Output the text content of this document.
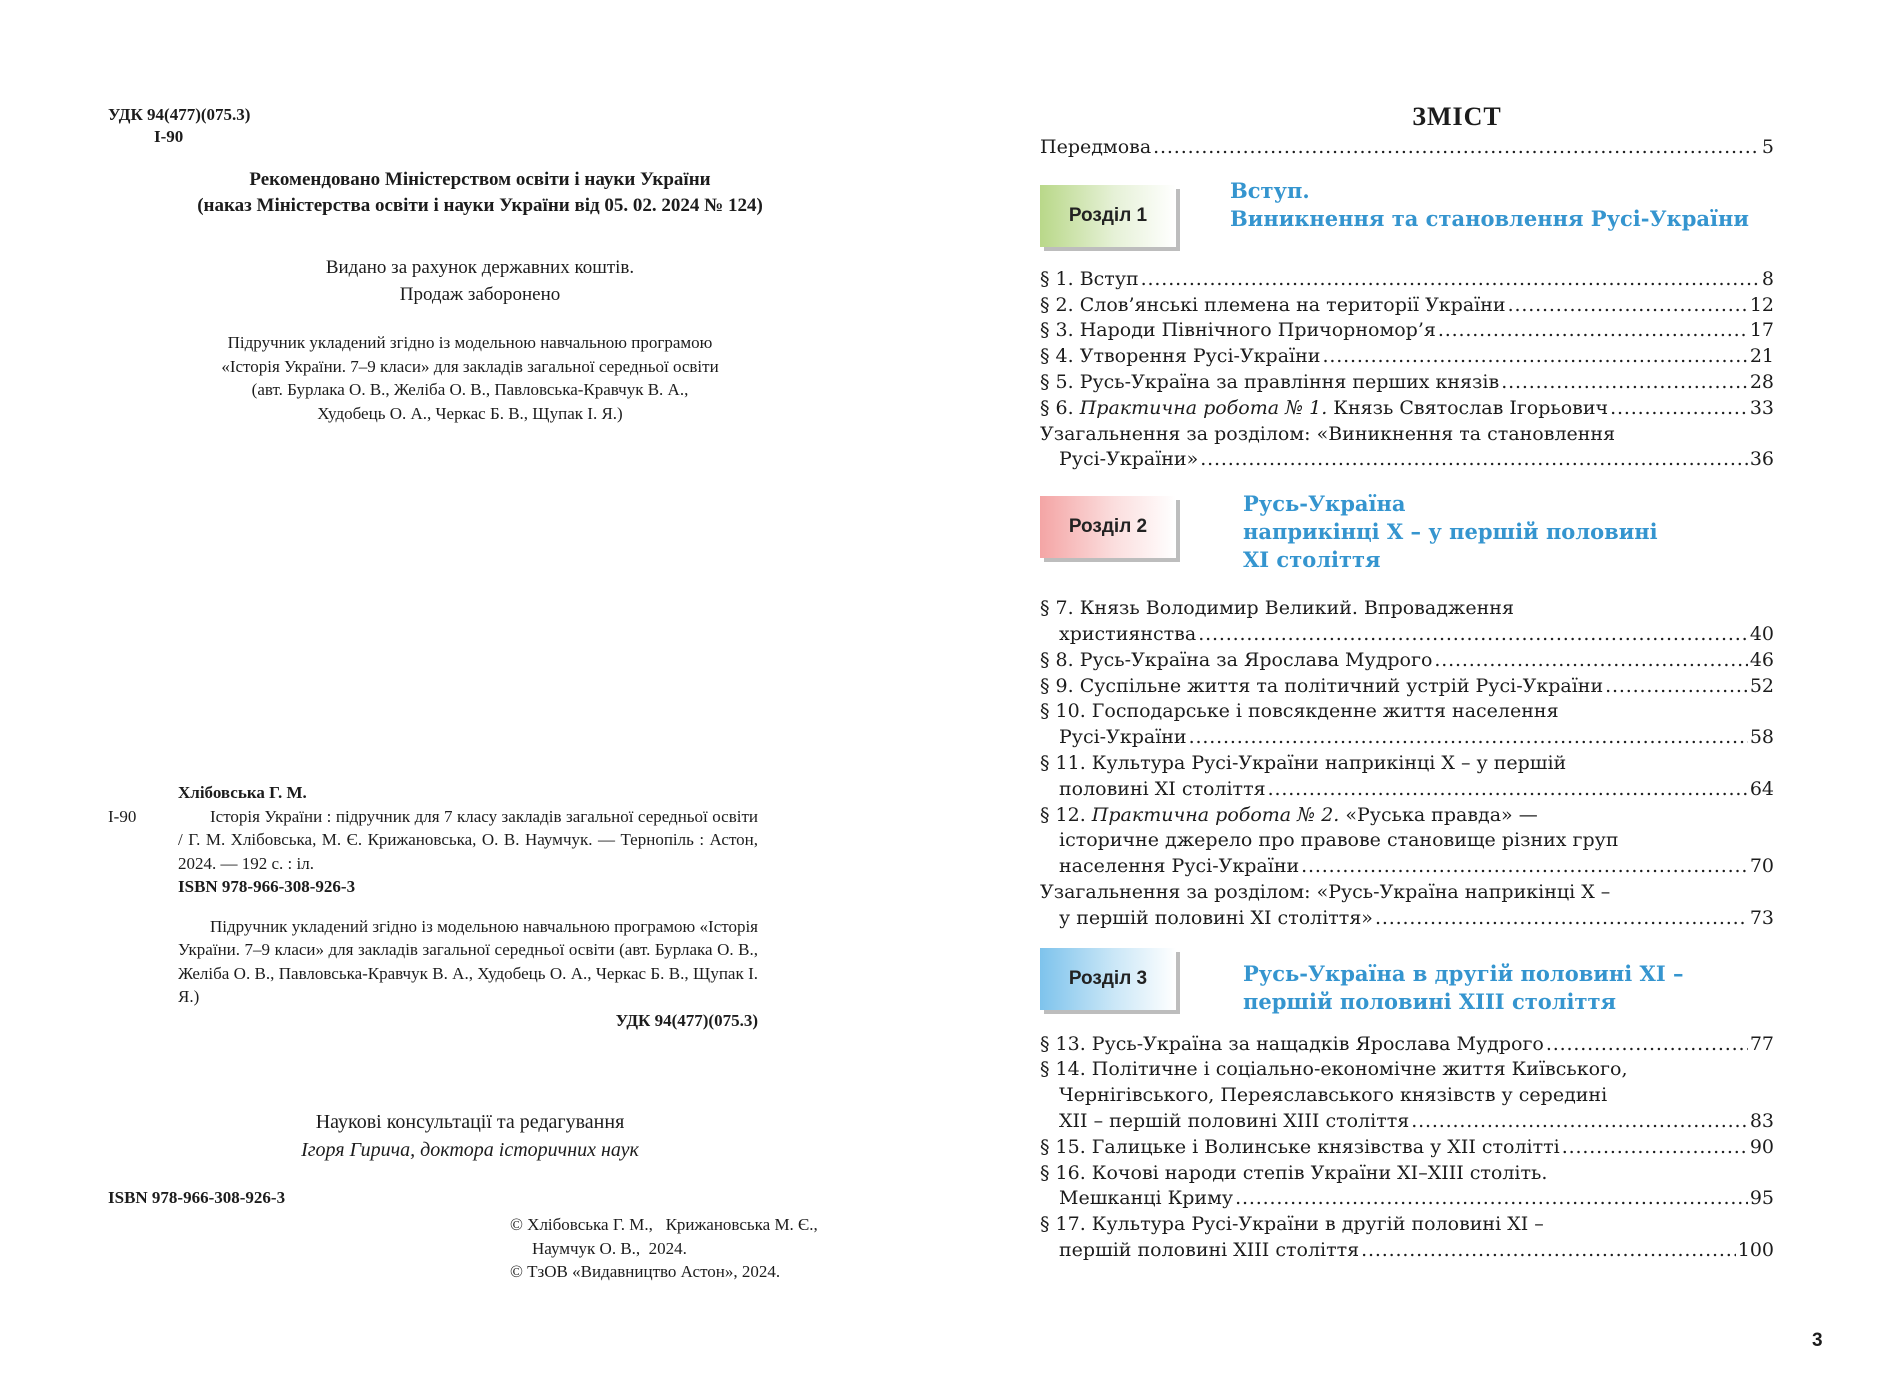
УДК 94(477)(075.3)
І-90
Рекомендовано Міністерством освіти і науки України
(наказ Міністерства освіти і науки України від 05. 02. 2024 № 124)
Видано за рахунок державних коштів.
Продаж заборонено
Підручник укладений згідно із модельною навчальною програмою
«Історія України. 7–9 класи» для закладів загальної середньої освіти
(авт. Бурлака О. В., Желіба О. В., Павловська-Кравчук В. А.,
Худобець О. А., Черкас Б. В., Щупак І. Я.)
Хлібовська Г. М.
І-90	Історія України : підручник для 7 класу закладів загальної середньої освіти / Г. М. Хлібовська, М. Є. Крижановська, О. В. Наумчук. — Тернопіль : Астон, 2024. — 192 с. : іл.
ISBN 978-966-308-926-3
Підручник укладений згідно із модельною навчальною програмою «Історія України. 7–9 класи» для закладів загальної середньої освіти (авт. Бурлака О. В., Желіба О. В., Павловська-Кравчук В. А., Худобець О. А., Черкас Б. В., Щупак І. Я.)
УДК 94(477)(075.3)
Наукові консультації та редагування
Ігоря Гирича, доктора історичних наук
ISBN 978-966-308-926-3
© Хлібовська Г. М.,   Крижановська М. Є.,
Наумчук О. В.,  2024.
© ТзОВ «Видавництво Астон», 2024.
ЗМІСТ
Передмова . . .	5
Розділ 1
Вступ.
Виникнення та становлення Русі-України
§ 1. Вступ . . .	8
§ 2. Слов’янські племена на території України . . .	12
§ 3. Народи Північного Причорномор’я . . .	17
§ 4. Утворення Русі-України . . .	21
§ 5. Русь-Україна за правління перших князів . . .	28
§ 6. Практична робота № 1. Князь Святослав Ігорьович . . .	33
Узагальнення за розділом: «Виникнення та становлення
Русі-України» . . .	36
Розділ 2
Русь-Україна
наприкінці Х – у першій половині
ХІ століття
§ 7. Князь Володимир Великий. Впровадження
християнства . . .	40
§ 8. Русь-Україна за Ярослава Мудрого . . .	46
§ 9. Суспільне життя та політичний устрій Русі-України . . .	52
§ 10. Господарське і повсякденне життя населення
Русі-України . . .	58
§ 11. Культура Русі-України наприкінці Х – у першій
половині ХІ століття . . .	64
§ 12. Практична робота № 2. «Руська правда» —
історичне джерело про правове становище різних груп
населення Русі-України . . .	70
Узагальнення за розділом: «Русь-Україна наприкінці Х –
у першій половині ХІ століття» . . .	73
Розділ 3	Русь-Україна в другій половині ХІ –
першій половині ХІІІ століття
§ 13. Русь-Україна за нащадків Ярослава Мудрого . . .	77
§ 14. Політичне і соціально-економічне життя Київського,
Чернігівського, Переяславського князівств у середині
ХІІ – першій половині ХІІІ століття . . .	83
§ 15. Галицьке і Волинське князівства у ХІІ столітті . . .	90
§ 16. Кочові народи степів України ХІ–ХІІІ століть.
Мешканці Криму . . .	95
§ 17. Культура Русі-України в другій половині ХІ –
першій половині ХІІІ століття . . .	100
3
